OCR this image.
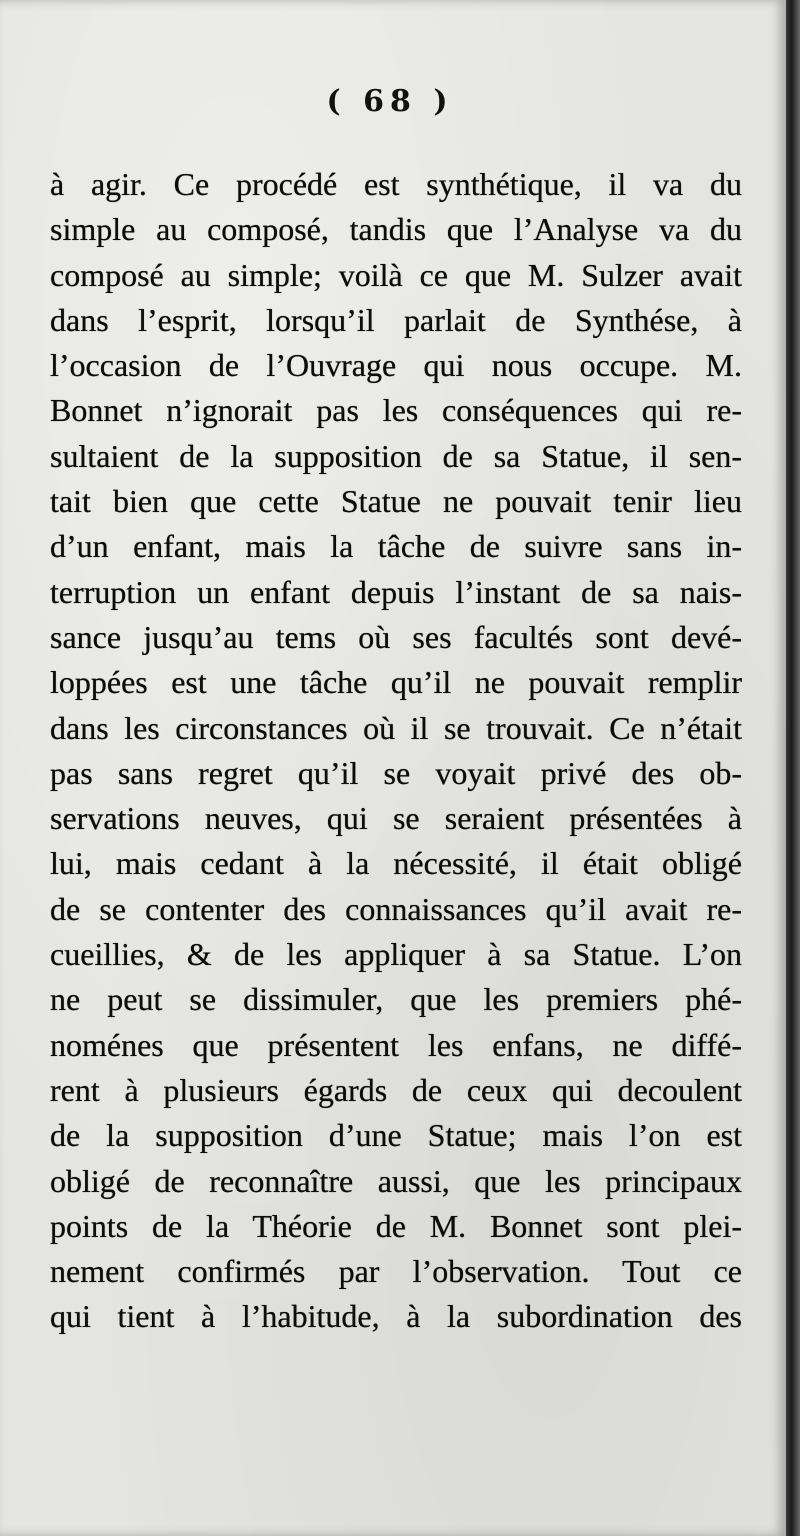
( 68 )
à agir. Ce procédé est synthétique, il va du
simple au composé, tandis que l’Analyse va du
composé au simple; voilà ce que M. Sulzer avait
dans l’esprit, lorsqu’il parlait de Synthése, à
l’occasion de l’Ouvrage qui nous occupe. M.
Bonnet n’ignorait pas les conséquences qui re-
sultaient de la supposition de sa Statue, il sen-
tait bien que cette Statue ne pouvait tenir lieu
d’un enfant, mais la tâche de suivre sans in-
terruption un enfant depuis l’instant de sa nais-
sance jusqu’au tems où ses facultés sont devé-
loppées est une tâche qu’il ne pouvait remplir
dans les circonstances où il se trouvait. Ce n’était
pas sans regret qu’il se voyait privé des ob-
servations neuves, qui se seraient présentées à
lui, mais cedant à la nécessité, il était obligé
de se contenter des connaissances qu’il avait re-
cueillies, & de les appliquer à sa Statue. L’on
ne peut se dissimuler, que les premiers phé-
noménes que présentent les enfans, ne diffé-
rent à plusieurs égards de ceux qui decoulent
de la supposition d’une Statue; mais l’on est
obligé de reconnaître aussi, que les principaux
points de la Théorie de M. Bonnet sont plei-
nement confirmés par l’observation. Tout ce
qui tient à l’habitude, à la subordination des
